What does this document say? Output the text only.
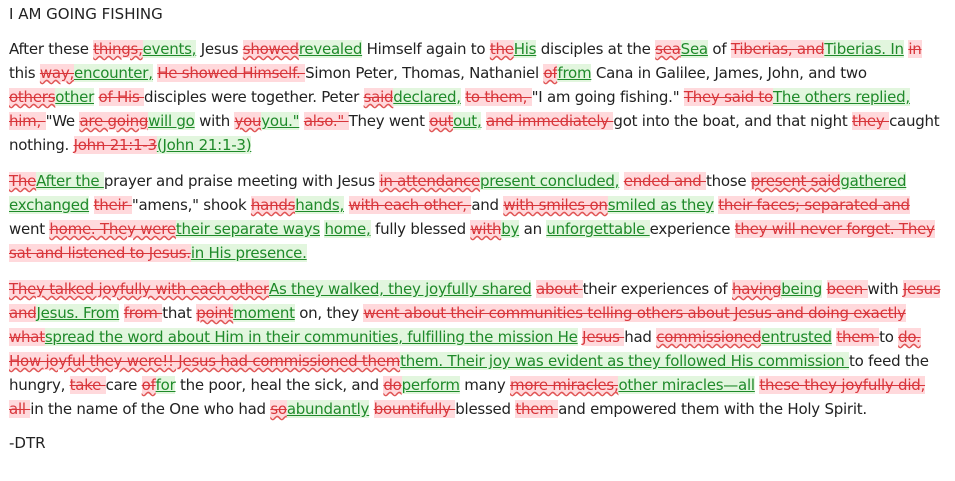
I AM GOING FISHING
After these things,events, Jesus showedrevealed Himself again to theHis disciples at the seaSea of Tiberias, andTiberias. In in this way,encounter, He showed Himself. Simon Peter, Thomas, Nathaniel offrom Cana in Galilee, James, John, and two othersother of His disciples were together. Peter saiddeclared, to them, "I am going fishing." They said toThe others replied, him, "We are goingwill go with youyou." also." They went outout, and immediately got into the boat, and that night they caught nothing. John 21:1-3(John 21:1-3)
TheAfter the prayer and praise meeting with Jesus in attendancepresent concluded, ended and those present saidgathered exchanged their "amens," shook handshands, with each other, and with smiles onsmiled as they their faces; separated and went home. They weretheir separate ways home, fully blessed withby an unforgettable experience they will never forget. They sat and listened to Jesus.in His presence.
They talked joyfully with each otherAs they walked, they joyfully shared about their experiences of havingbeing been with Jesus andJesus. From from that pointmoment on, they went about their communities telling others about Jesus and doing exactly whatspread the word about Him in their communities, fulfilling the mission He Jesus had commissionedentrusted them to do. How joyful they were!! Jesus had commissioned themthem. Their joy was evident as they followed His commission to feed the hungry, take care offor the poor, heal the sick, and doperform many more miracles,other miracles—all these they joyfully did, all in the name of the One who had soabundantly bountifully blessed them and empowered them with the Holy Spirit.
-DTR
